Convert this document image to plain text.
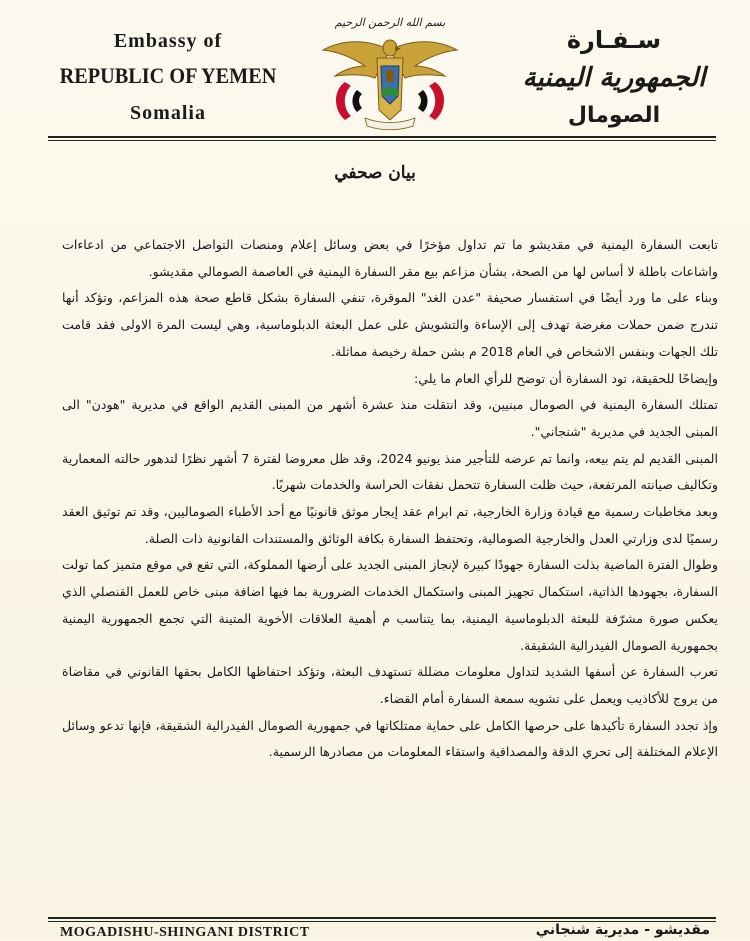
Embassy of
REPUBLIC OF YEMEN
Somalia
بسم الله الرحمن الرحيم
سـفـارة
الجمهورية اليمنية
الصومال
بيان صحفي

تابعت السفارة اليمنية في مقديشو ما تم تداول مؤخرًا في بعض وسائل إعلام ومنصات التواصل الاجتماعي من ادعاءات واشاعات باطلة لا أساس لها من الصحة، بشأن مزاعم بيع مقر السفارة اليمنية في العاصمة الصومالي مقديشو.

وبناء على ما ورد أيضًا في استفسار صحيفة "عدن الغد" الموقرة، تنفي السفارة بشكل قاطع صحة هذه المزاعم، وتؤكد أنها تندرج ضمن حملات مغرضة تهدف إلى الإساءة والتشويش على عمل البعثة الدبلوماسية، وهي ليست المرة الاولى فقد قامت تلك الجهات وبنفس الاشخاص في العام 2018 م بشن حملة رخيصة مماثلة.

وإيضاحًا للحقيقة، تود السفارة أن توضح للرأي العام ما يلي:

تمتلك السفارة اليمنية في الصومال مبنيين، وقد انتقلت منذ عشرة أشهر من المبنى القديم الواقع في مديرية "هودن" الى المبنى الجديد في مديرية "شنجاني".

المبنى القديم لم يتم بيعه، وانما تم عرضه للتأجير منذ يونيو 2024، وقد ظل معروضا لفترة 7 أشهر نظرًا لتدهور حالته المعمارية وتكاليف صيانته المرتفعة، حيث ظلت السفارة تتحمل نفقات الحراسة والخدمات شهريًا.

وبعد مخاطبات رسمية مع قيادة وزارة الخارجية، تم ابرام عقد إيجار موثق قانونيًا مع أحد الأطباء الصوماليين، وقد تم توثيق العقد رسميًا لدى وزارتي العدل والخارجية الصومالية، وتحتفظ السفارة بكافة الوثائق والمستندات القانونية ذات الصلة.

وطوال الفترة الماضية بذلت السفارة جهودًا كبيرة لإنجاز المبنى الجديد على أرضها المملوكة، التي تقع في موقع متميز كما تولت السفارة، بجهودها الذاتية، استكمال تجهيز المبنى واستكمال الخدمات الضرورية بما فيها اضافة مبنى خاص للعمل القنصلي الذي يعكس صورة مشرّفة للبعثة الدبلوماسية اليمنية، بما يتناسب م أهمية العلاقات الأخوية المتينة التي تجمع الجمهورية اليمنية بجمهورية الصومال الفيدرالية الشقيقة.

تعرب السفارة عن أسفها الشديد لتداول معلومات مضللة تستهدف البعثة، وتؤكد احتفاظها الكامل بحقها القانوني في مقاضاة من يروج للأكاذيب ويعمل على تشويه سمعة السفارة أمام القضاء.

وإذ تجدد السفارة تأكيدها على حرصها الكامل على حماية ممتلكاتها في جمهورية الصومال الفيدرالية الشقيقة، فإنها تدعو وسائل الإعلام المختلفة إلى تحري الدقة والمصداقية واستقاء المعلومات من مصادرها الرسمية.

MOGADISHU-SHINGANI DISTRICT	مقديشو - مديرية شنجاني
